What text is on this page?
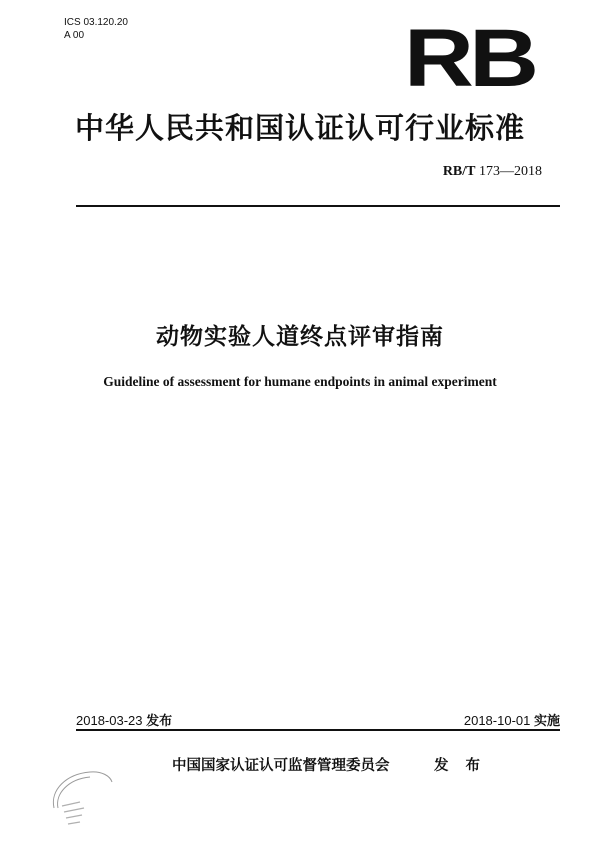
ICS 03.120.20
A 00	RB
中华人民共和国认证认可行业标准
RB/T 173—2018
动物实验人道终点评审指南
Guideline of assessment for humane endpoints in animal experiment
2018-03-23 发布	2018-10-01 实施
中国国家认证认可监督管理委员会	发 布
